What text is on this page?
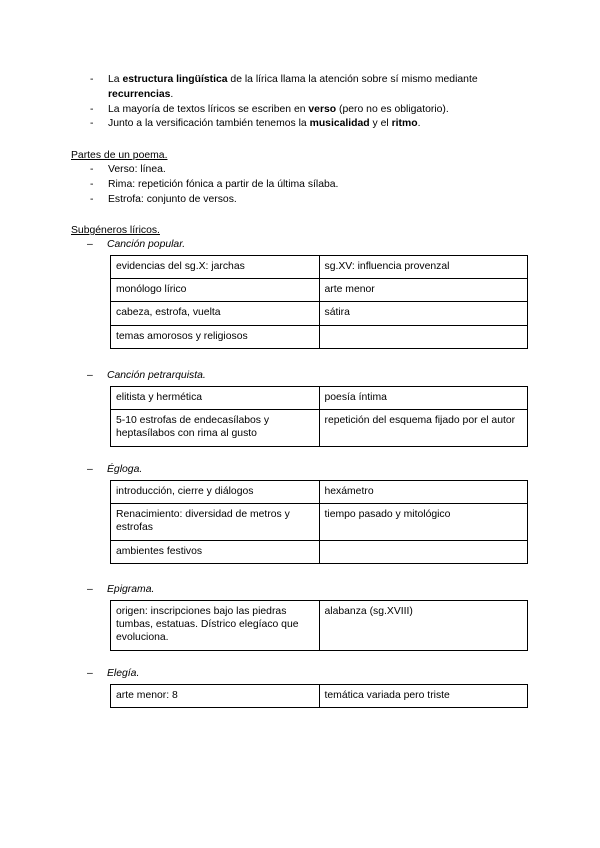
- La estructura lingüística de la lírica llama la atención sobre sí mismo mediante
recurrencias.
- La mayoría de textos líricos se escriben en verso (pero no es obligatorio).
- Junto a la versificación también tenemos la musicalidad y el ritmo.
Partes de un poema.
- Verso: línea.
- Rima: repetición fónica a partir de la última sílaba.
- Estrofa: conjunto de versos.
Subgéneros líricos.
– Canción popular.
evidencias del sg.X: jarchas	sg.XV: influencia provenzal
monólogo lírico	arte menor
cabeza, estrofa, vuelta	sátira
temas amorosos y religiosos	
– Canción petrarquista.
elitista y hermética	poesía íntima
5-10 estrofas de endecasílabos y heptasílabos con rima al gusto	repetición del esquema fijado por el autor
– Égloga.
introducción, cierre y diálogos	hexámetro
Renacimiento: diversidad de metros y estrofas	tiempo pasado y mitológico
ambientes festivos	
– Epigrama.
origen: inscripciones bajo las piedras tumbas, estatuas. Dístrico elegíaco que evoluciona.	alabanza (sg.XVIII)
– Elegía.
arte menor: 8	temática variada pero triste
